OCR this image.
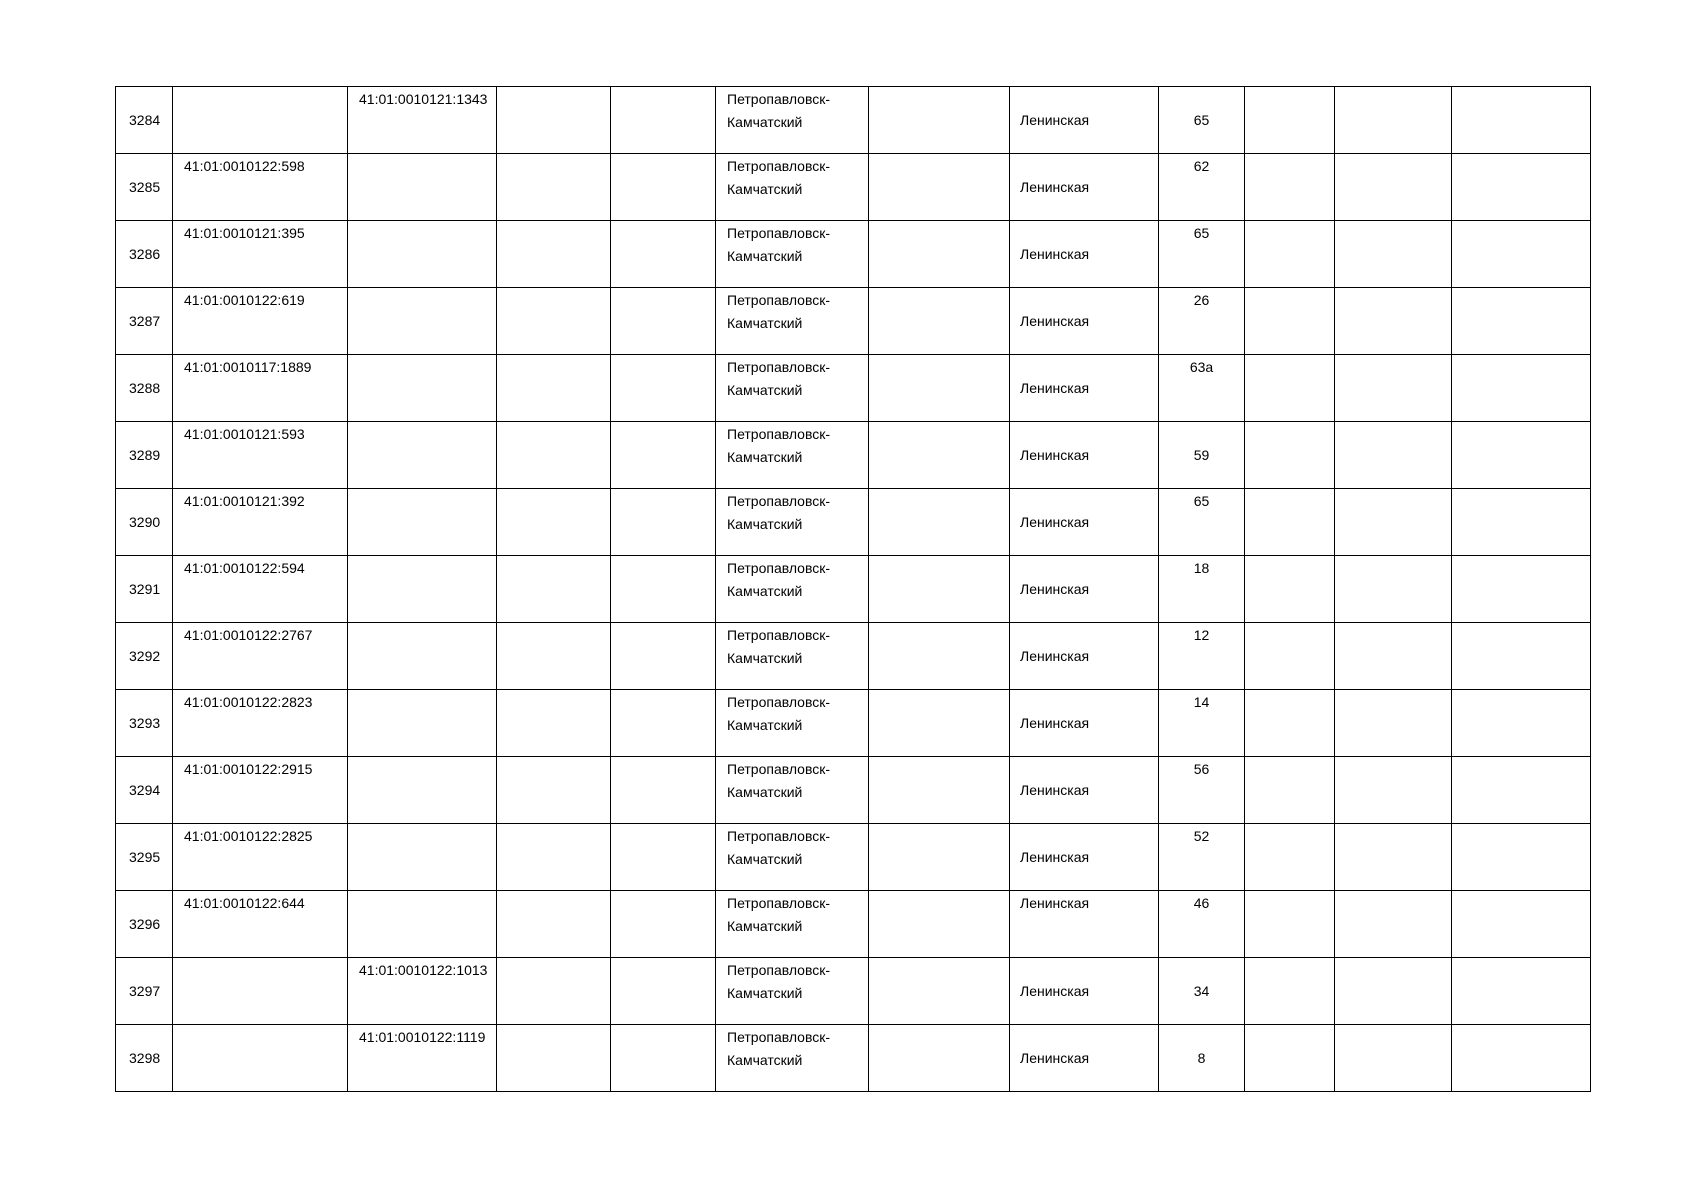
3284		41:01:0010121:1343			Петропавловск-
Камчатский		Ленинская	65			
3285	41:01:0010122:598				Петропавловск-
Камчатский		Ленинская	62			
3286	41:01:0010121:395				Петропавловск-
Камчатский		Ленинская	65			
3287	41:01:0010122:619				Петропавловск-
Камчатский		Ленинская	26			
3288	41:01:0010117:1889				Петропавловск-
Камчатский		Ленинская	63а			
3289	41:01:0010121:593				Петропавловск-
Камчатский		Ленинская	59			
3290	41:01:0010121:392				Петропавловск-
Камчатский		Ленинская	65			
3291	41:01:0010122:594				Петропавловск-
Камчатский		Ленинская	18			
3292	41:01:0010122:2767				Петропавловск-
Камчатский		Ленинская	12			
3293	41:01:0010122:2823				Петропавловск-
Камчатский		Ленинская	14			
3294	41:01:0010122:2915				Петропавловск-
Камчатский		Ленинская	56			
3295	41:01:0010122:2825				Петропавловск-
Камчатский		Ленинская	52			
3296	41:01:0010122:644				Петропавловск-
Камчатский		Ленинская	46			
3297		41:01:0010122:1013			Петропавловск-
Камчатский		Ленинская	34			
3298		41:01:0010122:1119			Петропавловск-
Камчатский		Ленинская	8			
